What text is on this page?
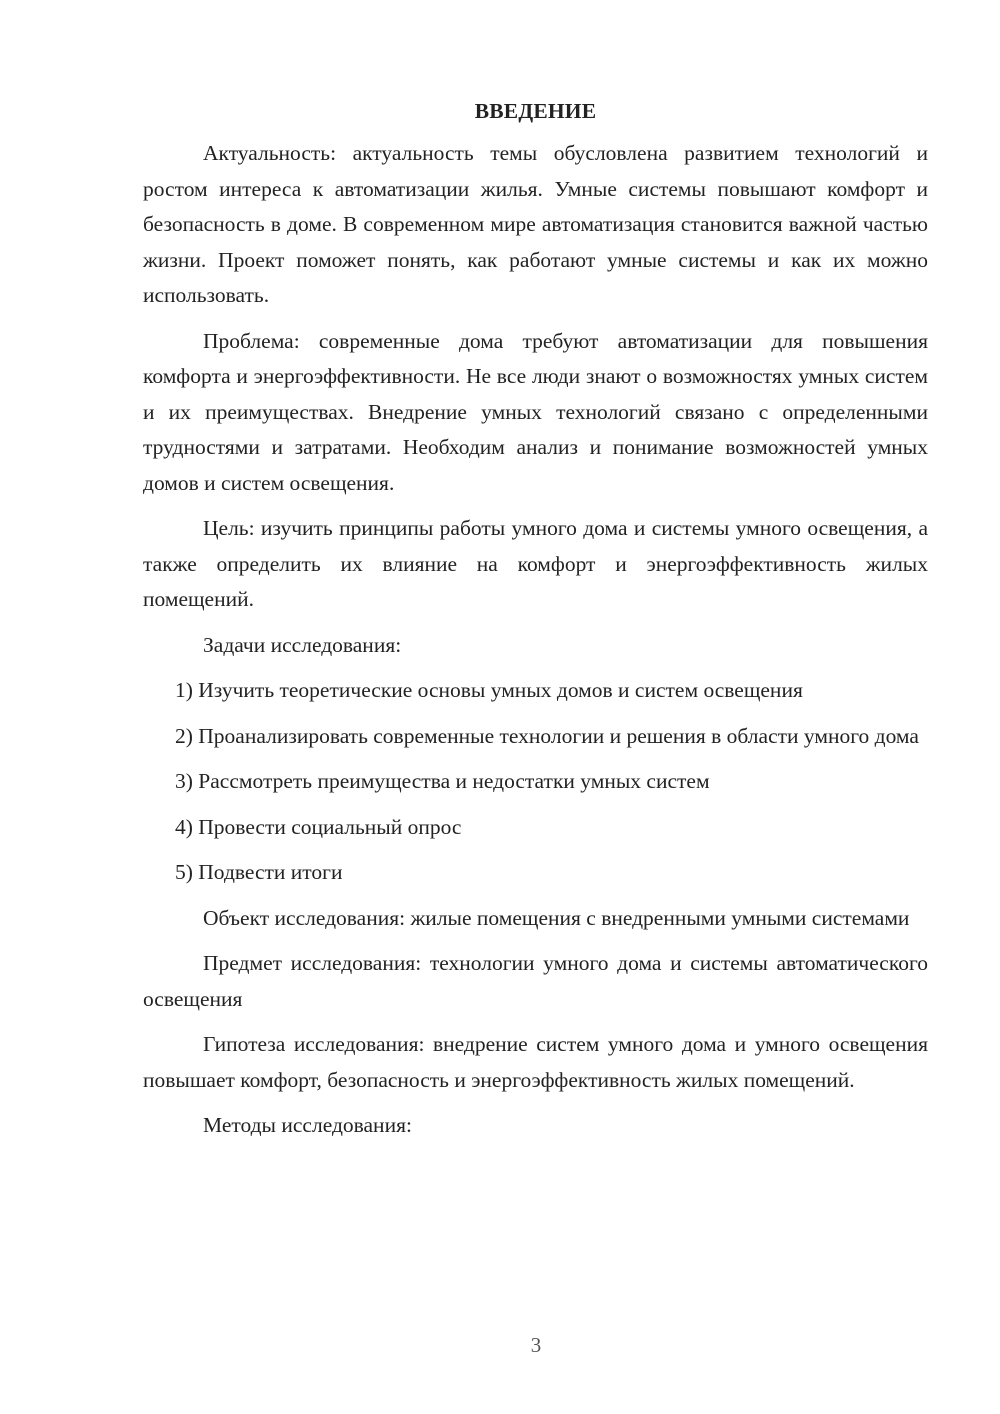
ВВЕДЕНИЕ

Актуальность: актуальность темы обусловлена развитием технологий и ростом интереса к автоматизации жилья. Умные системы повышают комфорт и безопасность в доме. В современном мире автоматизация становится важной частью жизни. Проект поможет понять, как работают умные системы и как их можно использовать.

Проблема: современные дома требуют автоматизации для повышения комфорта и энергоэффективности. Не все люди знают о возможностях умных систем и их преимуществах. Внедрение умных технологий связано с определенными трудностями и затратами. Необходим анализ и понимание возможностей умных домов и систем освещения.

Цель: изучить принципы работы умного дома и системы умного освещения, а также определить их влияние на комфорт и энергоэффективность жилых помещений.

Задачи исследования:

1) Изучить теоретические основы умных домов и систем освещения

2) Проанализировать современные технологии и решения в области умного дома

3) Рассмотреть преимущества и недостатки умных систем

4) Провести социальный опрос

5) Подвести итоги

Объект исследования: жилые помещения с внедренными умными системами

Предмет исследования: технологии умного дома и системы автоматического освещения

Гипотеза исследования: внедрение систем умного дома и умного освещения повышает комфорт, безопасность и энергоэффективность жилых помещений.

Методы исследования:

3
